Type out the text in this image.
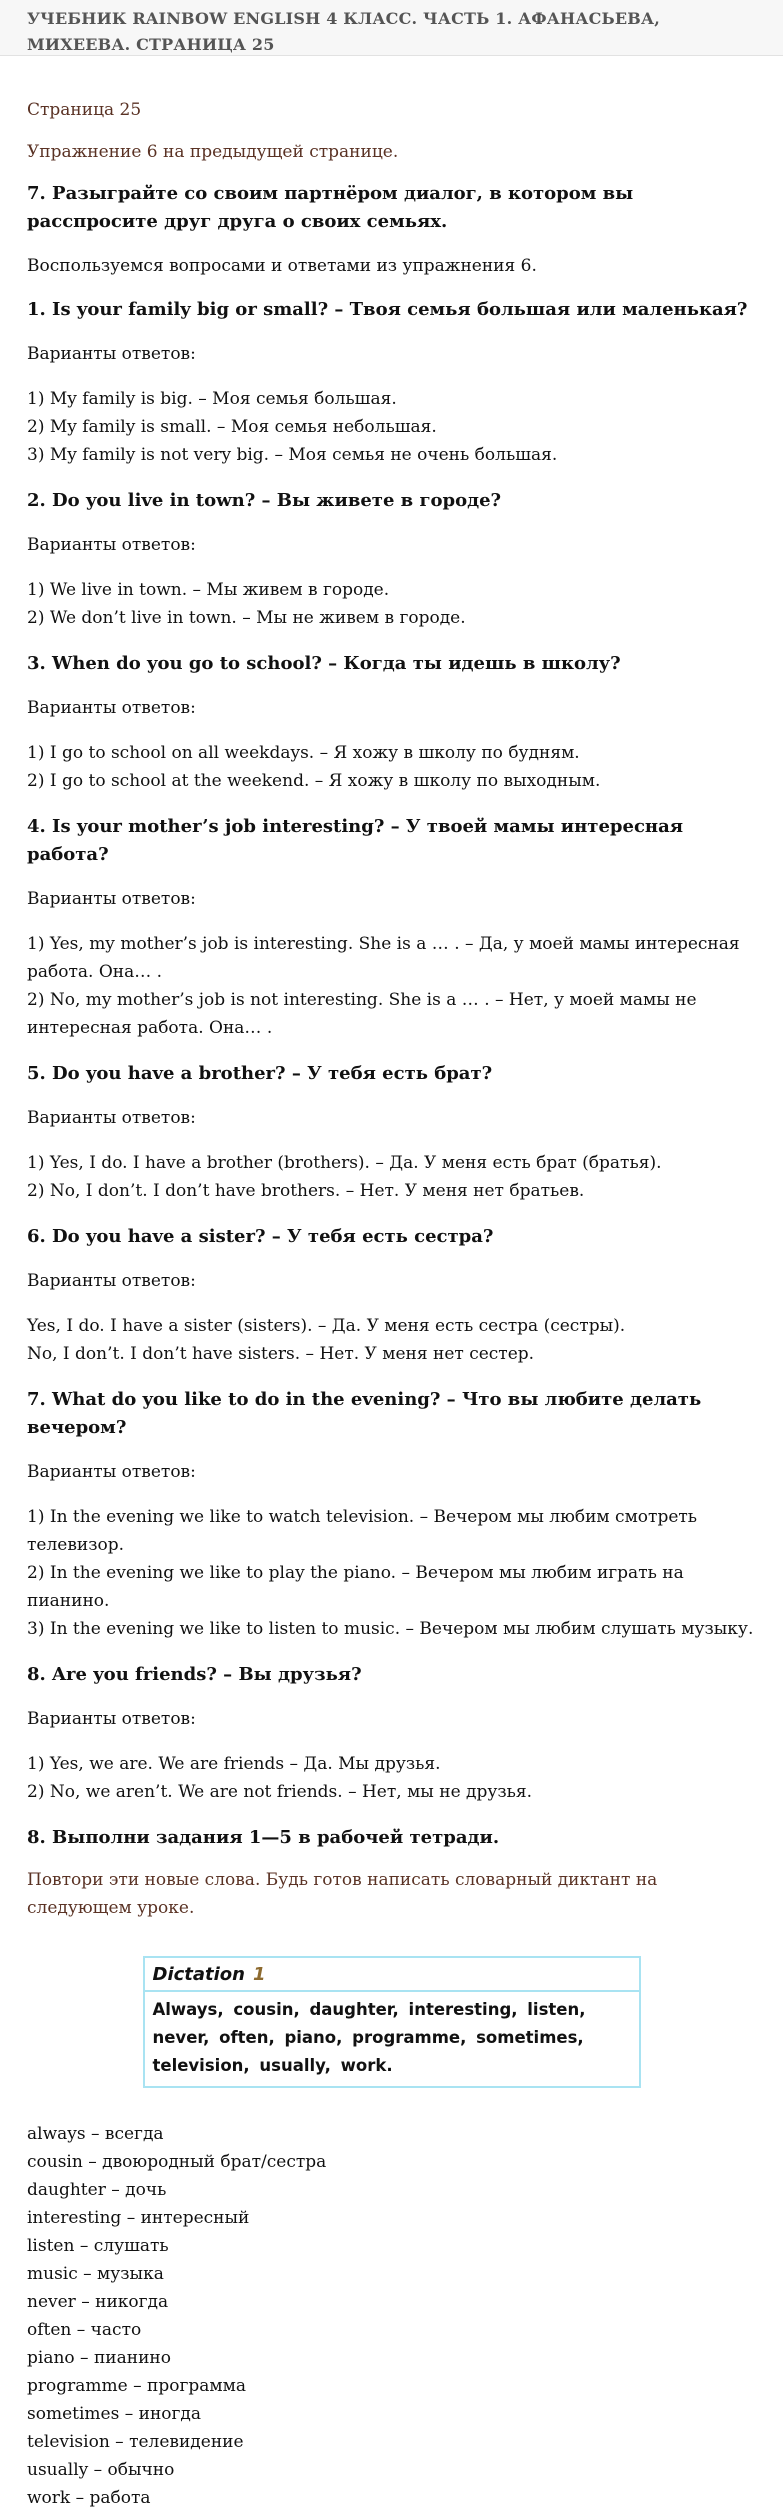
УЧЕБНИК RAINBOW ENGLISH 4 КЛАСС. ЧАСТЬ 1. АФАНАСЬЕВА, МИХЕЕВА. СТРАНИЦА 25

Страница 25

Упражнение 6 на предыдущей странице.

7. Разыграйте со своим партнёром диалог, в котором вы расспросите друг друга о своих семьях.

Воспользуемся вопросами и ответами из упражнения 6.

1. Is your family big or small? – Твоя семья большая или маленькая?

Варианты ответов:

1) My family is big. – Моя семья большая.
2) My family is small. – Моя семья небольшая.
3) My family is not very big. – Моя семья не очень большая.

2. Do you live in town? – Вы живете в городе?

Варианты ответов:

1) We live in town. – Мы живем в городе.
2) We don’t live in town. – Мы не живем в городе.

3. When do you go to school? – Когда ты идешь в школу?

Варианты ответов:

1) I go to school on all weekdays. – Я хожу в школу по будням.
2) I go to school at the weekend. – Я хожу в школу по выходным.

4. Is your mother’s job interesting? – У твоей мамы интересная работа?

Варианты ответов:

1) Yes, my mother’s job is interesting. She is a … . – Да, у моей мамы интересная работа. Она… .
2) No, my mother’s job is not interesting. She is a … . – Нет, у моей мамы не интересная работа. Она… .

5. Do you have a brother? – У тебя есть брат?

Варианты ответов:

1) Yes, I do. I have a brother (brothers). – Да. У меня есть брат (братья).
2) No, I don’t. I don’t have brothers. – Нет. У меня нет братьев.

6. Do you have a sister? – У тебя есть сестра?

Варианты ответов:

Yes, I do. I have a sister (sisters). – Да. У меня есть сестра (сестры).
No, I don’t. I don’t have sisters. – Нет. У меня нет сестер.

7. What do you like to do in the evening? – Что вы любите делать вечером?

Варианты ответов:

1) In the evening we like to watch television. – Вечером мы любим смотреть телевизор.
2) In the evening we like to play the piano. – Вечером мы любим играть на пианино.
3) In the evening we like to listen to music. – Вечером мы любим слушать музыку.

8. Are you friends? – Вы друзья?

Варианты ответов:

1) Yes, we are. We are friends – Да. Мы друзья.
2) No, we aren’t. We are not friends. – Нет, мы не друзья.

8. Выполни задания 1—5 в рабочей тетради.

Повтори эти новые слова. Будь готов написать словарный диктант на следующем уроке.

Dictation 1
Always, cousin, daughter, interesting, listen,
never, often, piano, programme, sometimes,
television, usually, work.
always – всегда
cousin – двоюродный брат/сестра
daughter – дочь
interesting – интересный
listen – слушать
music – музыка
never – никогда
often – часто
piano – пианино
programme – программа
sometimes – иногда
television – телевидение
usually – обычно
work – работа
